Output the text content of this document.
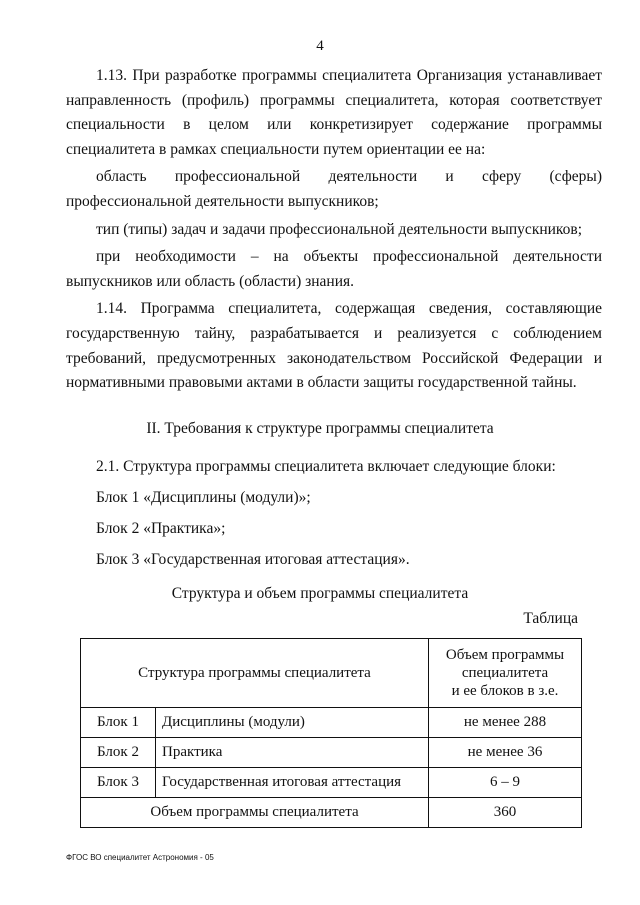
4

1.13. При разработке программы специалитета Организация устанавливает направленность (профиль) программы специалитета, которая соответствует специальности в целом или конкретизирует содержание программы специалитета в рамках специальности путем ориентации ее на:

область профессиональной деятельности и сферу (сферы) профессиональной деятельности выпускников;

тип (типы) задач и задачи профессиональной деятельности выпускников;

при необходимости – на объекты профессиональной деятельности выпускников или область (области) знания.

1.14. Программа специалитета, содержащая сведения, составляющие государственную тайну, разрабатывается и реализуется с соблюдением требований, предусмотренных законодательством Российской Федерации и нормативными правовыми актами в области защиты государственной тайны.

II. Требования к структуре программы специалитета

2.1. Структура программы специалитета включает следующие блоки:

Блок 1 «Дисциплины (модули)»;

Блок 2 «Практика»;

Блок 3 «Государственная итоговая аттестация».

Структура и объем программы специалитета
Таблица
Структура программы специалитета		Объем программы
специалитета
и ее блоков в з.е.

Блок 1	Дисциплины (модули)	не менее 288
Блок 2	Практика	не менее 36
Блок 3	Государственная итоговая аттестация	6 – 9
Объем программы специалитета		360
ФГОС ВО специалитет Астрономия - 05
